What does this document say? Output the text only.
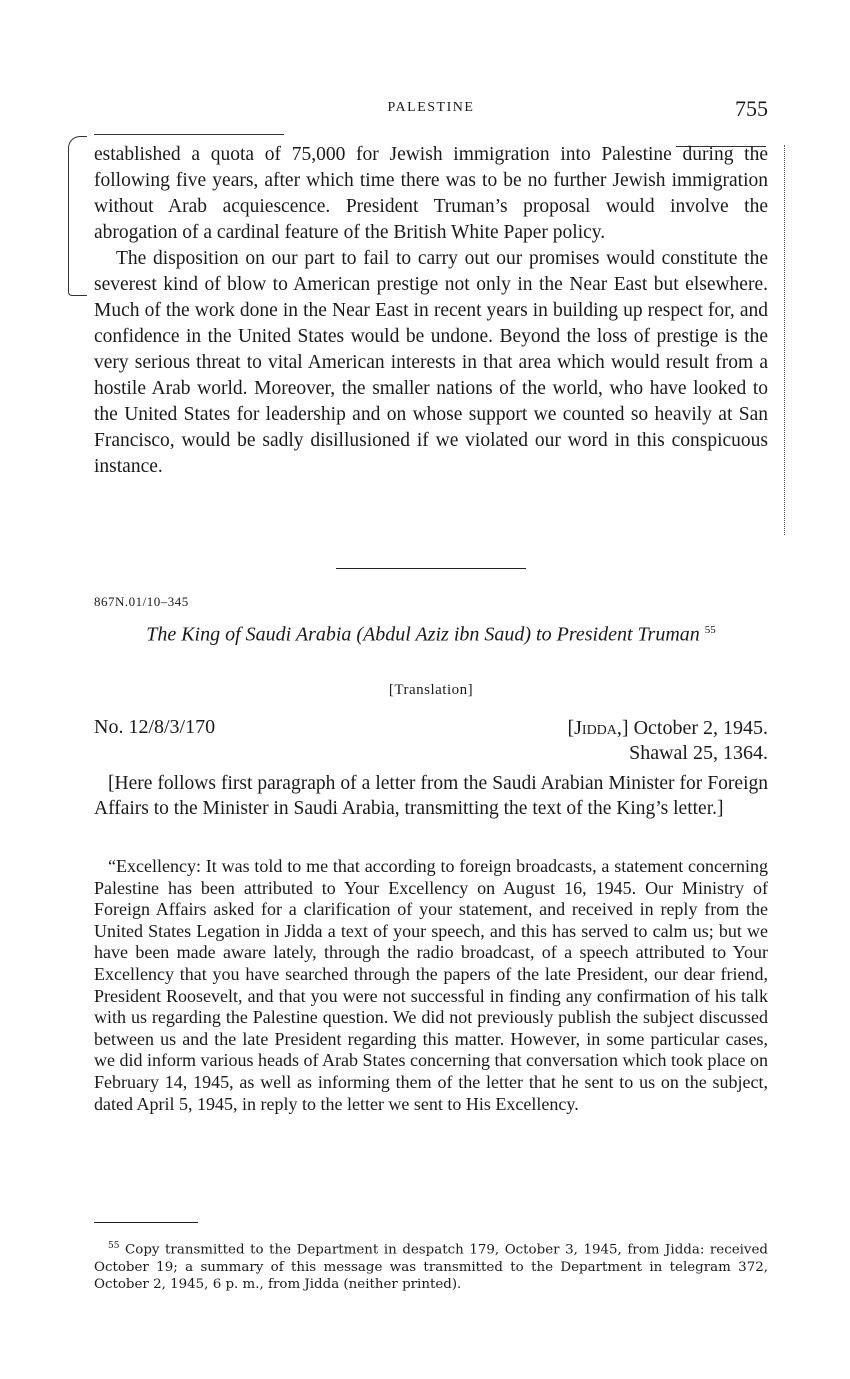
PALESTINE	755

established a quota of 75,000 for Jewish immigration into Palestine during the following five years, after which time there was to be no further Jewish immigration without Arab acquiescence. President Truman’s proposal would involve the abrogation of a cardinal feature of the British White Paper policy.

The disposition on our part to fail to carry out our promises would constitute the severest kind of blow to American prestige not only in the Near East but elsewhere. Much of the work done in the Near East in recent years in building up respect for, and confidence in the United States would be undone. Beyond the loss of prestige is the very serious threat to vital American interests in that area which would result from a hostile Arab world. Moreover, the smaller nations of the world, who have looked to the United States for leadership and on whose support we counted so heavily at San Francisco, would be sadly disillusioned if we violated our word in this conspicuous instance.

867N.01/10–345
The King of Saudi Arabia (Abdul Aziz ibn Saud) to President Truman $^{55}$
[Translation]
No. 12/8/3/170	[Jidda,] October 2, 1945.
Shawal 25, 1364.

[Here follows first paragraph of a letter from the Saudi Arabian Minister for Foreign Affairs to the Minister in Saudi Arabia, transmitting the text of the King’s letter.]

“Excellency: It was told to me that according to foreign broadcasts, a statement concerning Palestine has been attributed to Your Excellency on August 16, 1945. Our Ministry of Foreign Affairs asked for a clarification of your statement, and received in reply from the United States Legation in Jidda a text of your speech, and this has served to calm us; but we have been made aware lately, through the radio broadcast, of a speech attributed to Your Excellency that you have searched through the papers of the late President, our dear friend, President Roosevelt, and that you were not successful in finding any confirmation of his talk with us regarding the Palestine question. We did not previously publish the subject discussed between us and the late President regarding this matter. However, in some particular cases, we did inform various heads of Arab States concerning that conversation which took place on February 14, 1945, as well as informing them of the letter that he sent to us on the subject, dated April 5, 1945, in reply to the letter we sent to His Excellency.

$^{55}$ Copy transmitted to the Department in despatch 179, October 3, 1945, from Jidda: received October 19; a summary of this message was transmitted to the Department in telegram 372, October 2, 1945, 6 p. m., from Jidda (neither printed).
